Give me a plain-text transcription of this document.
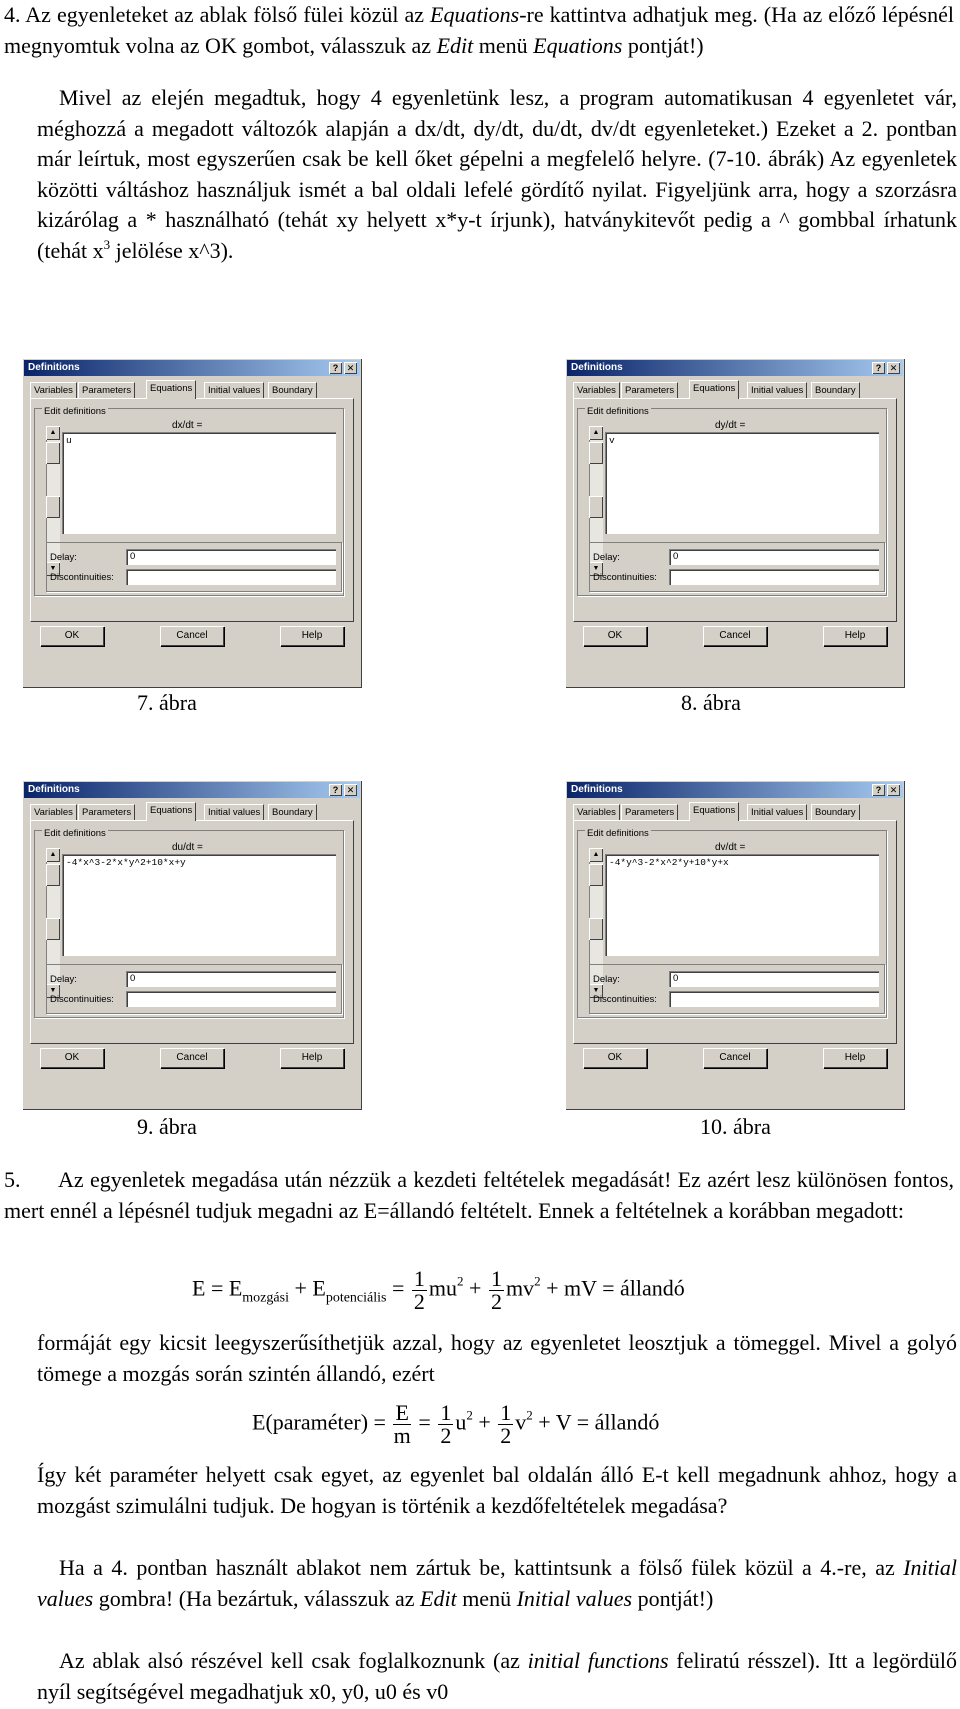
4. Az egyenleteket az ablak fölső fülei közül az Equations-re kattintva adhatjuk meg. (Ha az előző lépésnél megnyomtuk volna az OK gombot, válasszuk az Edit menü Equations pontját!)
Mivel az elején megadtuk, hogy 4 egyenletünk lesz, a program automatikusan 4 egyenletet vár, méghozzá a megadott változók alapján a dx/dt, dy/dt, du/dt, dv/dt egyenleteket.) Ezeket a 2. pontban már leírtuk, most egyszerűen csak be kell őket gépelni a megfelelő helyre. (7-10. ábrák) Az egyenletek közötti váltáshoz használjuk ismét a bal oldali lefelé gördítő nyilat. Figyeljünk arra, hogy a szorzásra kizárólag a * használható (tehát xy helyett x*y-t írjunk), hatványkitevőt pedig a ^ gombbal írhatunk (tehát $x^3$ jelölése x^3).
Definitions	? ✕
Variables Parameters	Equations	Initial values	Boundary
Edit definitions
▲
▼
dx/dt =
u
Delay:	0
Discontinuities:
OK	Cancel	Help
7. ábra
Definitions	? ✕
Variables Parameters	Equations	Initial values	Boundary
Edit definitions
▲
▼
dy/dt =
v
Delay:	0
Discontinuities:
OK	Cancel	Help
8. ábra
Definitions	? ✕
Variables Parameters	Equations	Initial values	Boundary
Edit definitions
▲
▼
du/dt =
-4*x^3-2*x*y^2+10*x+y
Delay:	0
Discontinuities:
OK	Cancel	Help
9. ábra
Definitions	? ✕
Variables Parameters	Equations	Initial values	Boundary
Edit definitions
▲
▼
dv/dt =
-4*y^3-2*x^2*y+10*y+x
Delay:	0
Discontinuities:
OK	Cancel	Help
10. ábra
5. Az egyenletek megadása után nézzük a kezdeti feltételek megadását! Ez azért lesz különösen fontos, mert ennél a lépésnél tudjuk megadni az E=állandó feltételt. Ennek a feltételnek a korábban megadott:
$E = E_{mozgási} + E_{potenciális} = \frac{1}{2} mu^2 + \frac{1}{2} mv^2$ + mV = állandó
formáját egy kicsit leegyszerűsíthetjük azzal, hogy az egyenletet leosztjuk a tömeggel. Mivel a golyó tömege a mozgás során szintén állandó, ezért
E(paraméter) = $\frac{E}{m} = \frac{1}{2} u^2 + \frac{1}{2} v^2 + V$ = állandó
Így két paraméter helyett csak egyet, az egyenlet bal oldalán álló E-t kell megadnunk ahhoz, hogy a mozgást szimulálni tudjuk. De hogyan is történik a kezdőfeltételek megadása?
Ha a 4. pontban használt ablakot nem zártuk be, kattintsunk a fölső fülek közül a 4.-re, az Initial values gombra! (Ha bezártuk, válasszuk az Edit menü Initial values pontját!)
Az ablak alsó részével kell csak foglalkoznunk (az initial functions feliratú résszel). Itt a legördülő nyíl segítségével megadhatjuk x0, y0, u0 és v0
